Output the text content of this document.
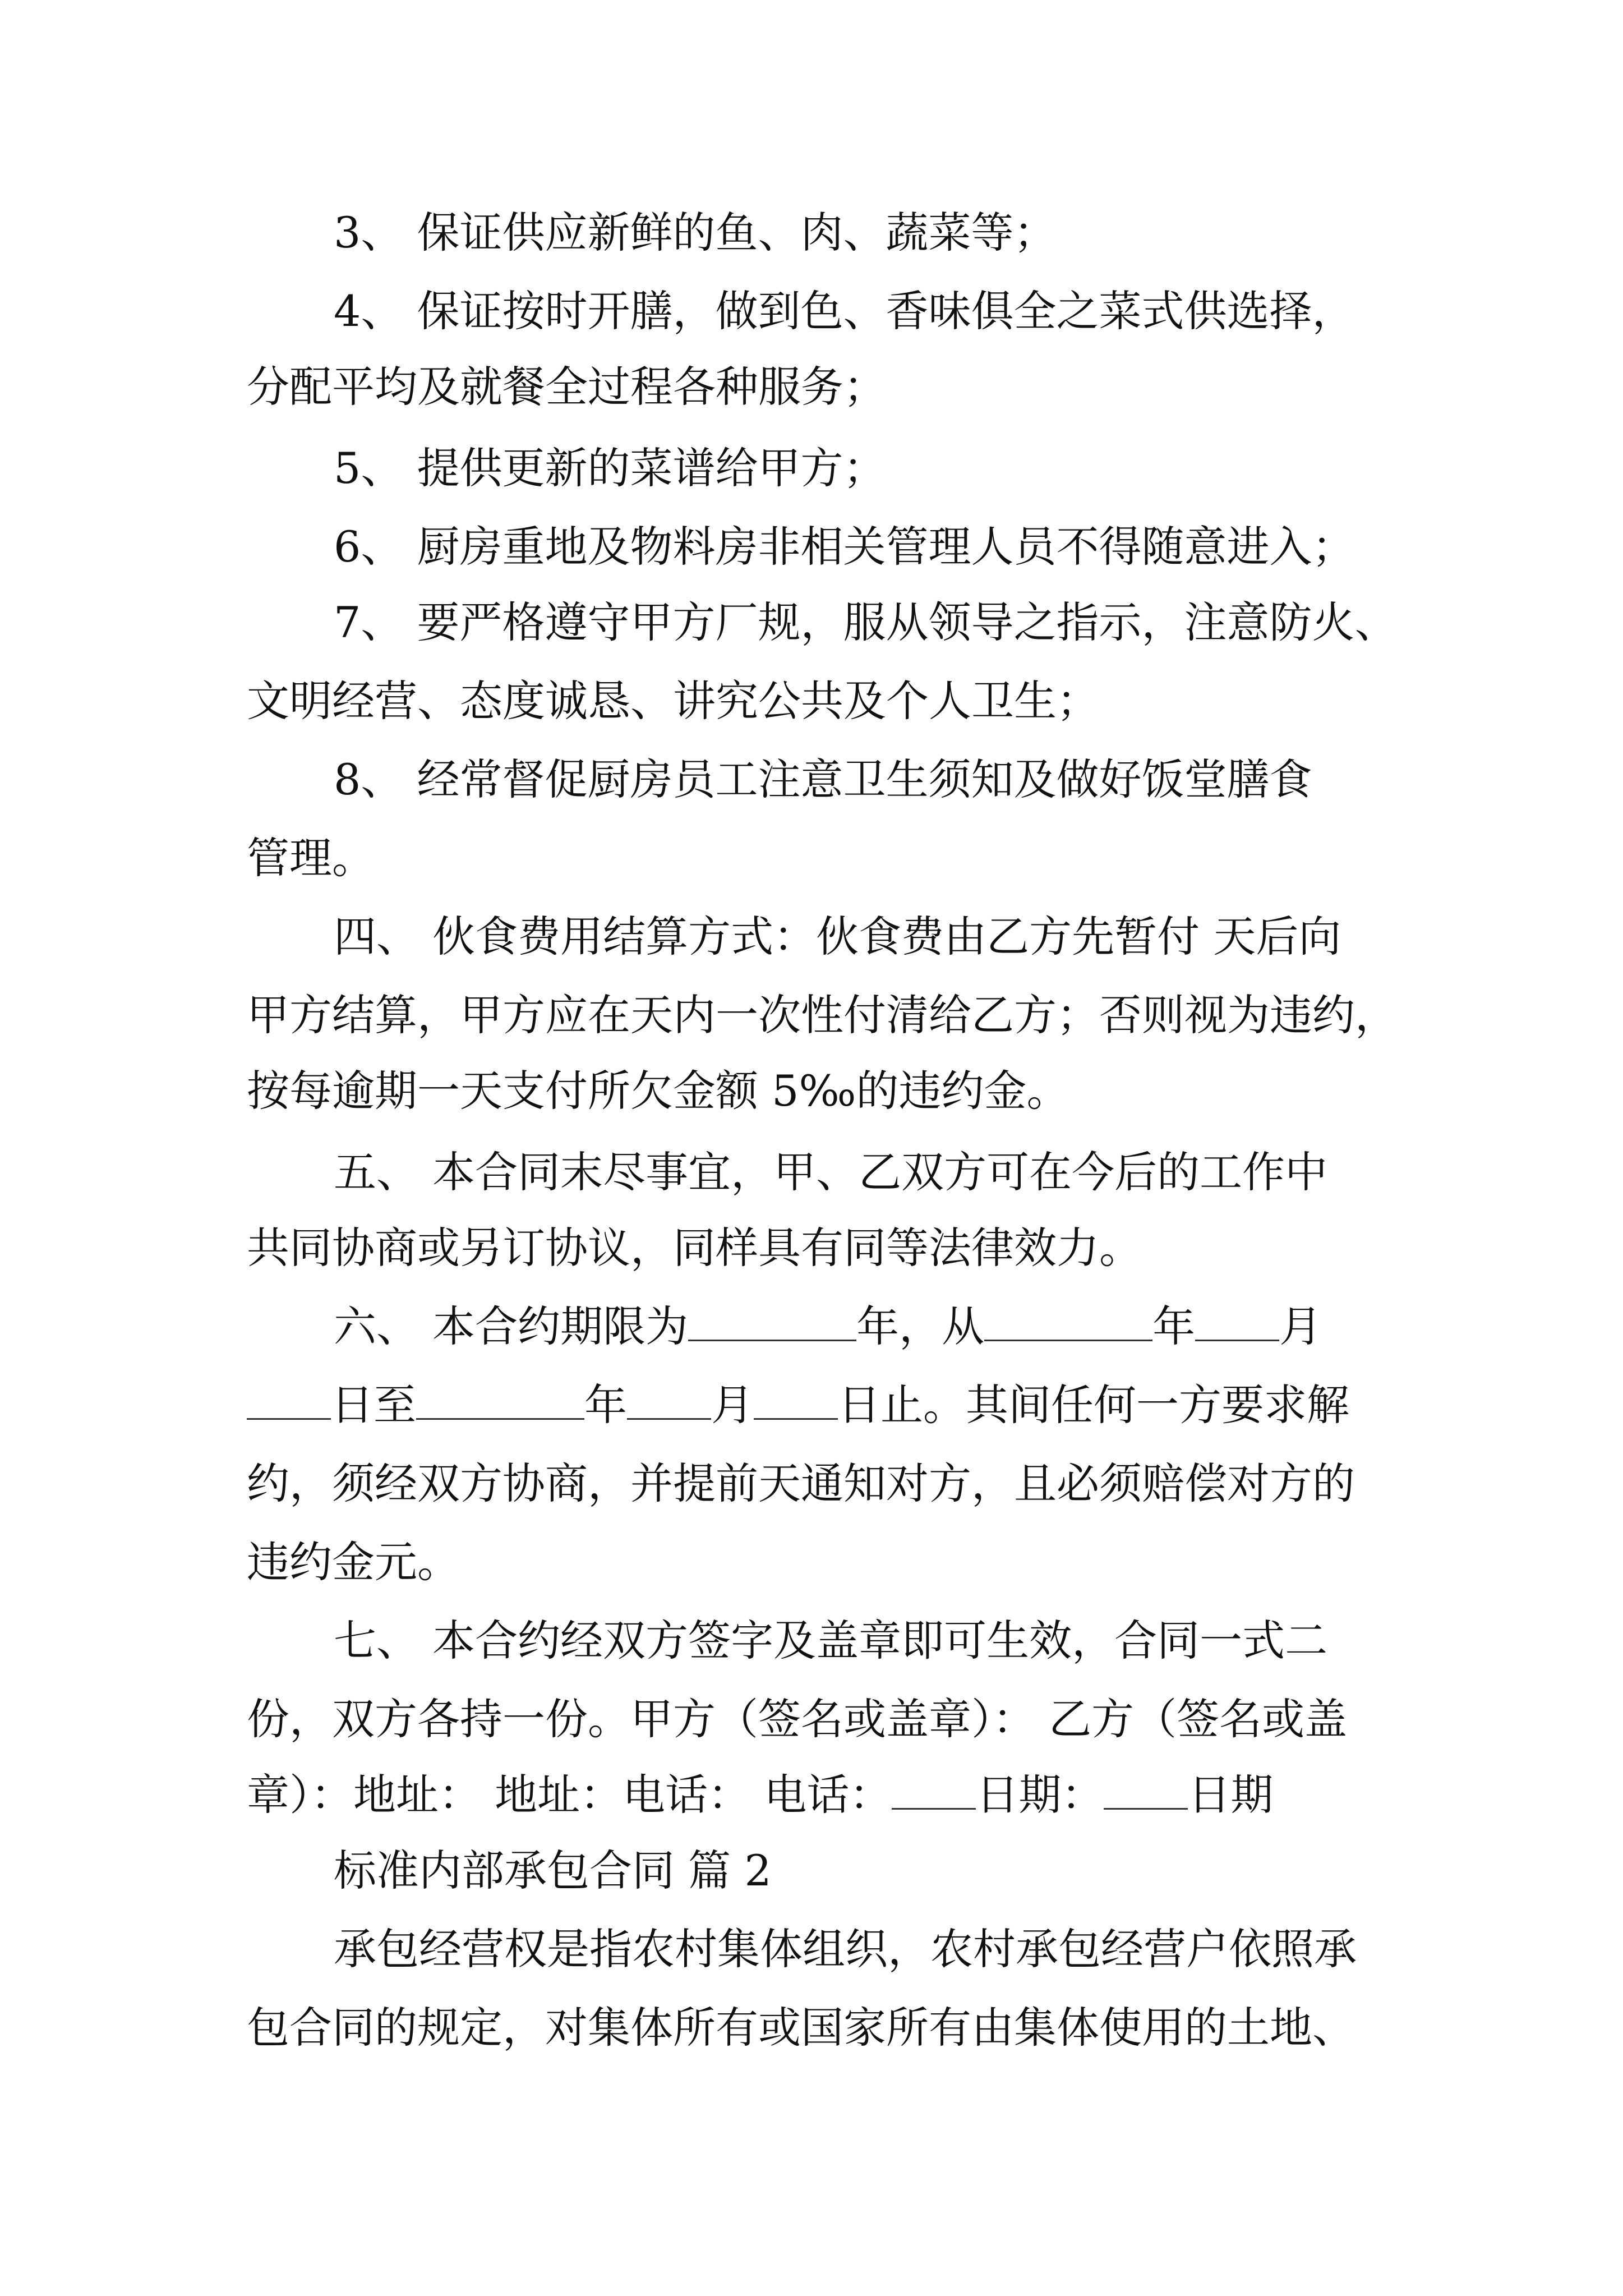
3、 保证供应新鲜的鱼、肉、蔬菜等；
4、 保证按时开膳，做到色、香味俱全之菜式供选择，
分配平均及就餐全过程各种服务；
5、 提供更新的菜谱给甲方；
6、 厨房重地及物料房非相关管理人员不得随意进入；
7、 要严格遵守甲方厂规，服从领导之指示，注意防火、
文明经营、态度诚恳、讲究公共及个人卫生；
8、 经常督促厨房员工注意卫生须知及做好饭堂膳食
管理。
四、 伙食费用结算方式：伙食费由乙方先暂付 天后向
甲方结算，甲方应在天内一次性付清给乙方；否则视为违约，
按每逾期一天支付所欠金额 5‰的违约金。
五、 本合同末尽事宜，甲、乙双方可在今后的工作中
共同协商或另订协议，同样具有同等法律效力。
六、 本合约期限为	年，从	年 月
日至	年 月 日止。其间任何一方要求解
约，须经双方协商，并提前天通知对方，且必须赔偿对方的
违约金元。
七、 本合约经双方签字及盖章即可生效，合同一式二
份，双方各持一份。甲方（签名或盖章）： 乙方（签名或盖
章）：地址： 地址：电话： 电话： 日期： 日期
标准内部承包合同 篇 2
承包经营权是指农村集体组织，农村承包经营户依照承
包合同的规定，对集体所有或国家所有由集体使用的土地、
